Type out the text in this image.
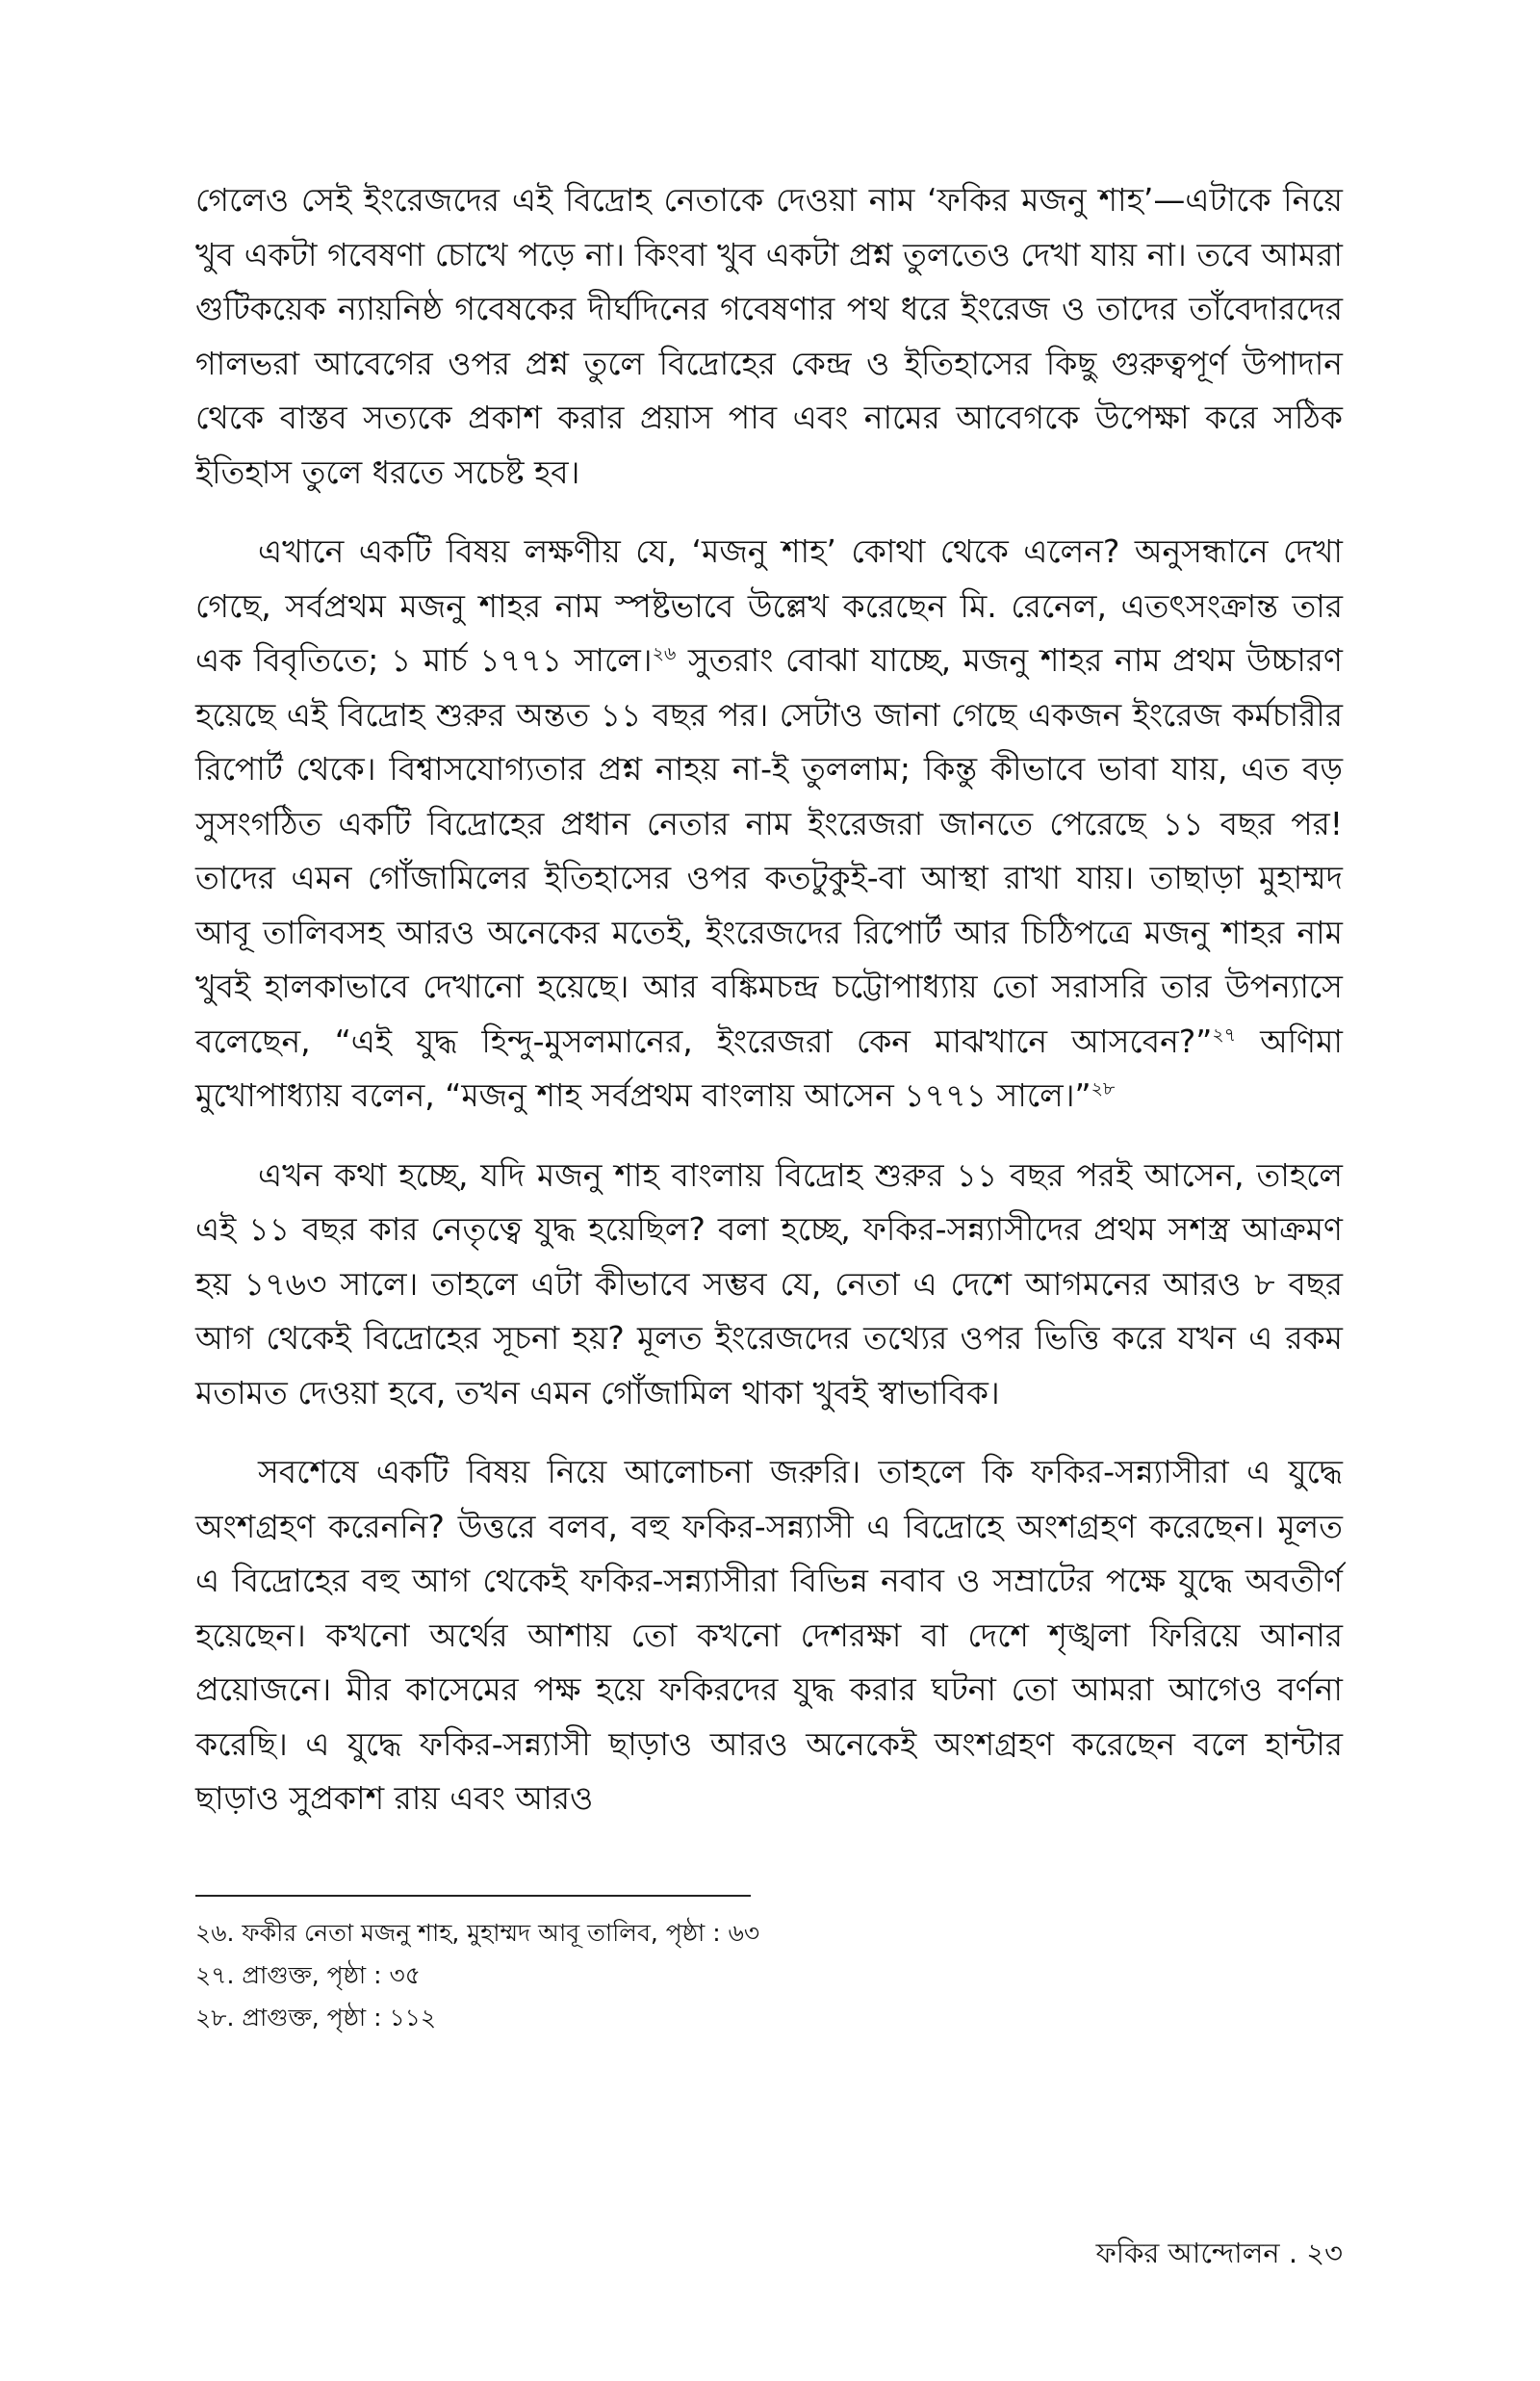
গেলেও সেই ইংরেজদের এই বিদ্রোহ নেতাকে দেওয়া নাম ‘ফকির মজনু শাহ’—এটাকে নিয়ে খুব একটা গবেষণা চোখে পড়ে না। কিংবা খুব একটা প্রশ্ন তুলতেও দেখা যায় না। তবে আমরা গুটিকয়েক ন্যায়নিষ্ঠ গবেষকের দীর্ঘদিনের গবেষণার পথ ধরে ইংরেজ ও তাদের তাঁবেদারদের গালভরা আবেগের ওপর প্রশ্ন তুলে বিদ্রোহের কেন্দ্র ও ইতিহাসের কিছু গুরুত্বপূর্ণ উপাদান থেকে বাস্তব সত্যকে প্রকাশ করার প্রয়াস পাব এবং নামের আবেগকে উপেক্ষা করে সঠিক ইতিহাস তুলে ধরতে সচেষ্ট হব।

এখানে একটি বিষয় লক্ষণীয় যে, ‘মজনু শাহ’ কোথা থেকে এলেন? অনুসন্ধানে দেখা গেছে, সর্বপ্রথম মজনু শাহর নাম স্পষ্টভাবে উল্লেখ করেছেন মি. রেনেল, এতৎসংক্রান্ত তার এক বিবৃতিতে; ১ মার্চ ১৭৭১ সালে।$^{২৬}$ সুতরাং বোঝা যাচ্ছে, মজনু শাহর নাম প্রথম উচ্চারণ হয়েছে এই বিদ্রোহ শুরুর অন্তত ১১ বছর পর। সেটাও জানা গেছে একজন ইংরেজ কর্মচারীর রিপোর্ট থেকে। বিশ্বাসযোগ্যতার প্রশ্ন নাহয় না-ই তুললাম; কিন্তু কীভাবে ভাবা যায়, এত বড় সুসংগঠিত একটি বিদ্রোহের প্রধান নেতার নাম ইংরেজরা জানতে পেরেছে ১১ বছর পর! তাদের এমন গোঁজামিলের ইতিহাসের ওপর কতটুকুই-বা আস্থা রাখা যায়। তাছাড়া মুহাম্মদ আবূ তালিবসহ আরও অনেকের মতেই, ইংরেজদের রিপোর্ট আর চিঠিপত্রে মজনু শাহর নাম খুবই হালকাভাবে দেখানো হয়েছে। আর বঙ্কিমচন্দ্র চট্টোপাধ্যায় তো সরাসরি তার উপন্যাসে বলেছেন, “এই যুদ্ধ হিন্দু-মুসলমানের, ইংরেজরা কেন মাঝখানে আসবেন?”$^{২৭}$ অণিমা মুখোপাধ্যায় বলেন, “মজনু শাহ সর্বপ্রথম বাংলায় আসেন ১৭৭১ সালে।”$^{২৮}$

এখন কথা হচ্ছে, যদি মজনু শাহ বাংলায় বিদ্রোহ শুরুর ১১ বছর পরই আসেন, তাহলে এই ১১ বছর কার নেতৃত্বে যুদ্ধ হয়েছিল? বলা হচ্ছে, ফকির-সন্ন্যাসীদের প্রথম সশস্ত্র আক্রমণ হয় ১৭৬৩ সালে। তাহলে এটা কীভাবে সম্ভব যে, নেতা এ দেশে আগমনের আরও ৮ বছর আগ থেকেই বিদ্রোহের সূচনা হয়? মূলত ইংরেজদের তথ্যের ওপর ভিত্তি করে যখন এ রকম মতামত দেওয়া হবে, তখন এমন গোঁজামিল থাকা খুবই স্বাভাবিক।

সবশেষে একটি বিষয় নিয়ে আলোচনা জরুরি। তাহলে কি ফকির-সন্ন্যাসীরা এ যুদ্ধে অংশগ্রহণ করেননি? উত্তরে বলব, বহু ফকির-সন্ন্যাসী এ বিদ্রোহে অংশগ্রহণ করেছেন। মূলত এ বিদ্রোহের বহু আগ থেকেই ফকির-সন্ন্যাসীরা বিভিন্ন নবাব ও সম্রাটের পক্ষে যুদ্ধে অবতীর্ণ হয়েছেন। কখনো অর্থের আশায় তো কখনো দেশরক্ষা বা দেশে শৃঙ্খলা ফিরিয়ে আনার প্রয়োজনে। মীর কাসেমের পক্ষ হয়ে ফকিরদের যুদ্ধ করার ঘটনা তো আমরা আগেও বর্ণনা করেছি। এ যুদ্ধে ফকির-সন্ন্যাসী ছাড়াও আরও অনেকেই অংশগ্রহণ করেছেন বলে হান্টার ছাড়াও সুপ্রকাশ রায় এবং আরও

২৬. ফকীর নেতা মজনু শাহ, মুহাম্মদ আবূ তালিব, পৃষ্ঠা : ৬৩

২৭. প্রাগুক্ত, পৃষ্ঠা : ৩৫

২৮. প্রাগুক্ত, পৃষ্ঠা : ১১২

ফকির আন্দোলন . ২৩
